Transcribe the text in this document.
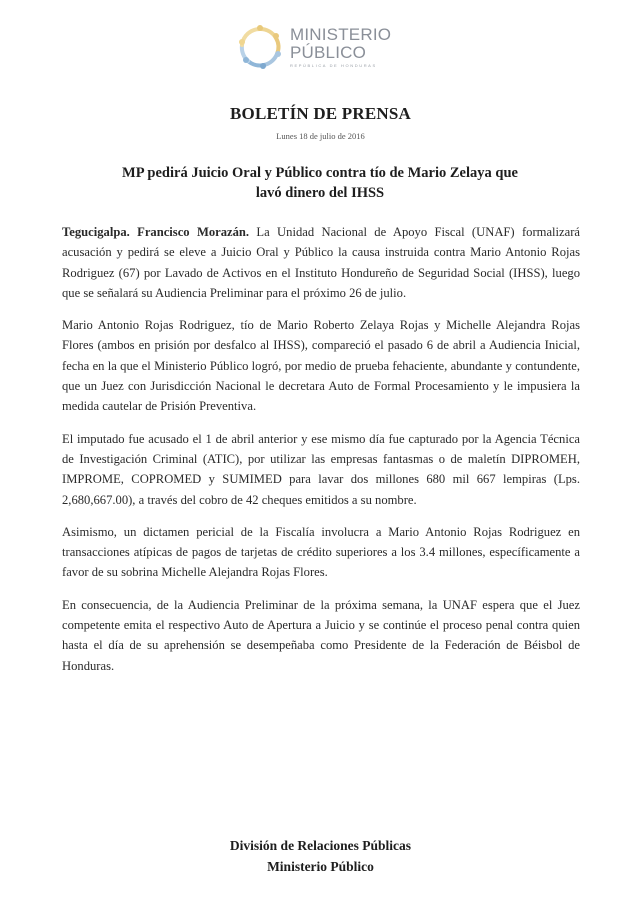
MINISTERIO
PÚBLICO
REPÚBLICA DE HONDURAS
BOLETÍN DE PRENSA
Lunes 18 de julio de 2016
MP pedirá Juicio Oral y Público contra tío de Mario Zelaya que
lavó dinero del IHSS

Tegucigalpa. Francisco Morazán. La Unidad Nacional de Apoyo Fiscal (UNAF) formalizará acusación y pedirá se eleve a Juicio Oral y Público la causa instruida contra Mario Antonio Rojas Rodriguez (67) por Lavado de Activos en el Instituto Hondureño de Seguridad Social (IHSS), luego que se señalará su Audiencia Preliminar para el próximo 26 de julio.

Mario Antonio Rojas Rodriguez, tío de Mario Roberto Zelaya Rojas y Michelle Alejandra Rojas Flores (ambos en prisión por desfalco al IHSS), compareció el pasado 6 de abril a Audiencia Inicial, fecha en la que el Ministerio Público logró, por medio de prueba fehaciente, abundante y contundente, que un Juez con Jurisdicción Nacional le decretara Auto de Formal Procesamiento y le impusiera la medida cautelar de Prisión Preventiva.

El imputado fue acusado el 1 de abril anterior y ese mismo día fue capturado por la Agencia Técnica de Investigación Criminal (ATIC), por utilizar las empresas fantasmas o de maletín DIPROMEH, IMPROME, COPROMED y SUMIMED para lavar dos millones 680 mil 667 lempiras (Lps. 2,680,667.00), a través del cobro de 42 cheques emitidos a su nombre.

Asimismo, un dictamen pericial de la Fiscalía involucra a Mario Antonio Rojas Rodriguez en transacciones atípicas de pagos de tarjetas de crédito superiores a los 3.4 millones, específicamente a favor de su sobrina Michelle Alejandra Rojas Flores.

En consecuencia, de la Audiencia Preliminar de la próxima semana, la UNAF espera que el Juez competente emita el respectivo Auto de Apertura a Juicio y se continúe el proceso penal contra quien hasta el día de su aprehensión se desempeñaba como Presidente de la Federación de Béisbol de Honduras.

División de Relaciones Públicas
Ministerio Público
